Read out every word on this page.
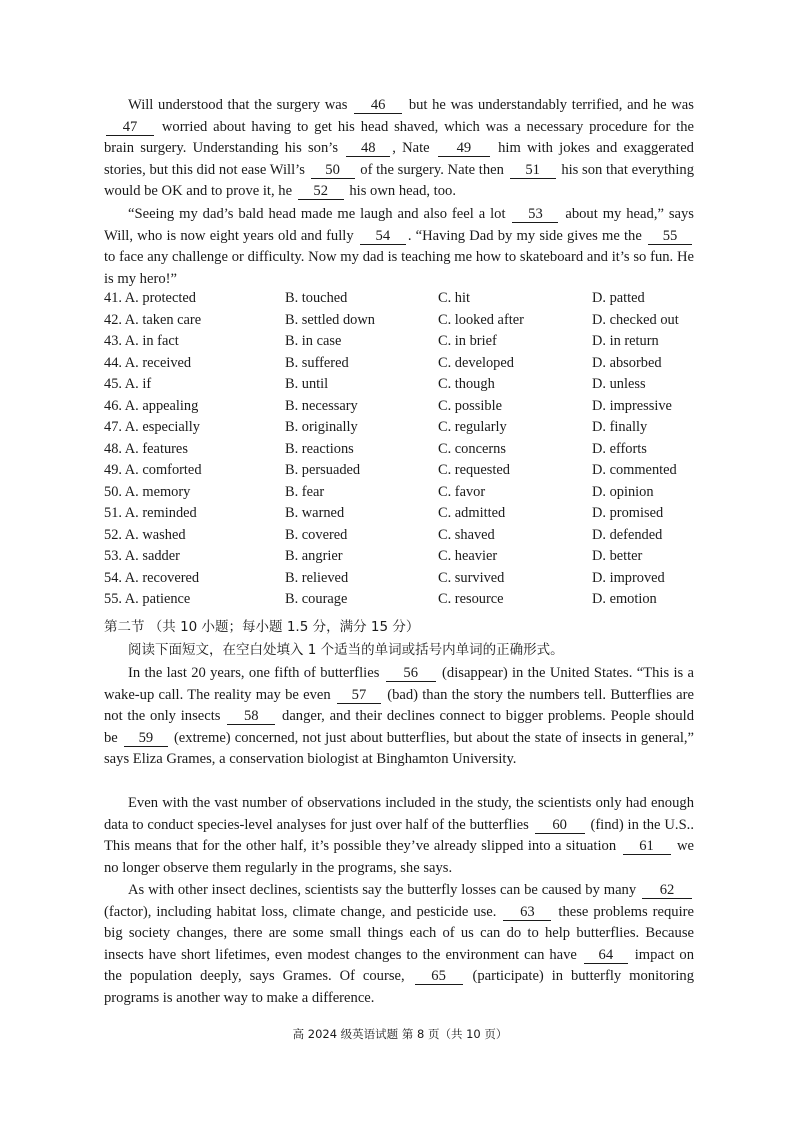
Will understood that the surgery was 46 but he was understandably terrified, and he was 47 worried about having to get his head shaved, which was a necessary procedure for the brain surgery. Understanding his son’s 48 , Nate 49 him with jokes and exaggerated stories, but this did not ease Will’s 50 of the surgery. Nate then 51 his son that everything would be OK and to prove it, he 52 his own head, too.

“Seeing my dad’s bald head made me laugh and also feel a lot 53 about my head,” says Will, who is now eight years old and fully 54 . “Having Dad by my side gives me the 55 to face any challenge or difficulty. Now my dad is teaching me how to skateboard and it’s so fun. He is my hero!”

41. A. protected	B. touched	C. hit	D. patted
42. A. taken care	B. settled down	C. looked after	D. checked out
43. A. in fact	B. in case	C. in brief	D. in return
44. A. received	B. suffered	C. developed	D. absorbed
45. A. if	B. until	C. though	D. unless
46. A. appealing	B. necessary	C. possible	D. impressive
47. A. especially	B. originally	C. regularly	D. finally
48. A. features	B. reactions	C. concerns	D. efforts
49. A. comforted	B. persuaded	C. requested	D. commented
50. A. memory	B. fear	C. favor	D. opinion
51. A. reminded	B. warned	C. admitted	D. promised
52. A. washed	B. covered	C. shaved	D. defended
53. A. sadder	B. angrier	C. heavier	D. better
54. A. recovered	B. relieved	C. survived	D. improved
55. A. patience	B. courage	C. resource	D. emotion
第二节 （共 10 小题；每小题 1.5 分，满分 15 分）
阅读下面短文，在空白处填入 1 个适当的单词或括号内单词的正确形式。

In the last 20 years, one fifth of butterflies 56 (disappear) in the United States. “This is a wake-up call. The reality may be even 57 (bad) than the story the numbers tell. Butterflies are not the only insects 58 danger, and their declines connect to bigger problems. People should be 59 (extreme) concerned, not just about butterflies, but about the state of insects in general,” says Eliza Grames, a conservation biologist at Binghamton University.

Even with the vast number of observations included in the study, the scientists only had enough data to conduct species-level analyses for just over half of the butterflies 60 (find) in the U.S.. This means that for the other half, it’s possible they’ve already slipped into a situation 61 we no longer observe them regularly in the programs, she says.

As with other insect declines, scientists say the butterfly losses can be caused by many 62 (factor), including habitat loss, climate change, and pesticide use. 63 these problems require big society changes, there are some small things each of us can do to help butterflies. Because insects have short lifetimes, even modest changes to the environment can have 64 impact on the population deeply, says Grames. Of course, 65 (participate) in butterfly monitoring programs is another way to make a difference.

高 2024 级英语试题 第 8 页（共 10 页）
